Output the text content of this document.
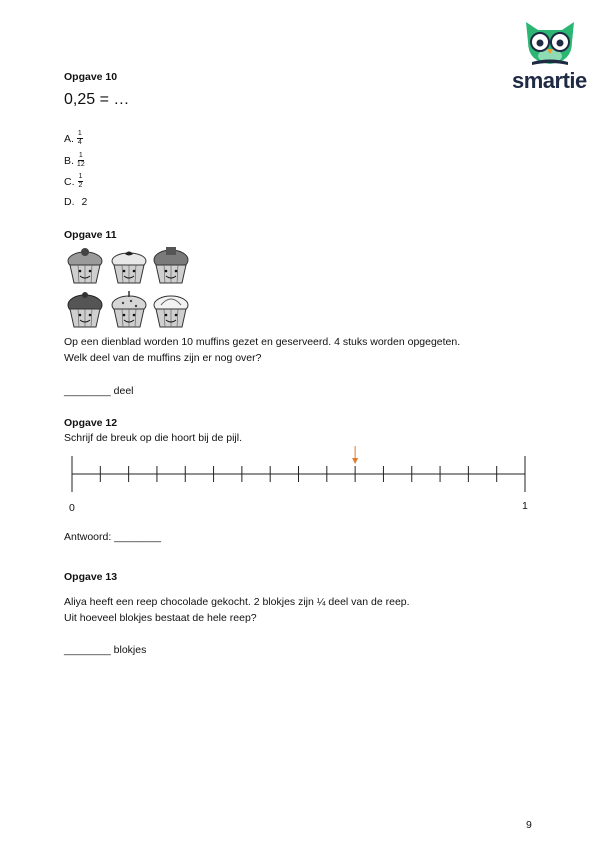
smartie
Opgave 10
0,25 = …
A. $\frac{1}{4}$
B. $\frac{1}{12}$
C. $\frac{1}{2}$
D. 2
Opgave 11
Op een dienblad worden 10 muffins gezet en geserveerd. 4 stuks worden opgegeten.
Welk deel van de muffins zijn er nog over?
________ deel
Opgave 12
Schrijf de breuk op die hoort bij de pijl.
0	1
Antwoord: ________
Opgave 13
Aliya heeft een reep chocolade gekocht. 2 blokjes zijn ¼ deel van de reep.
Uit hoeveel blokjes bestaat de hele reep?
________ blokjes
9
